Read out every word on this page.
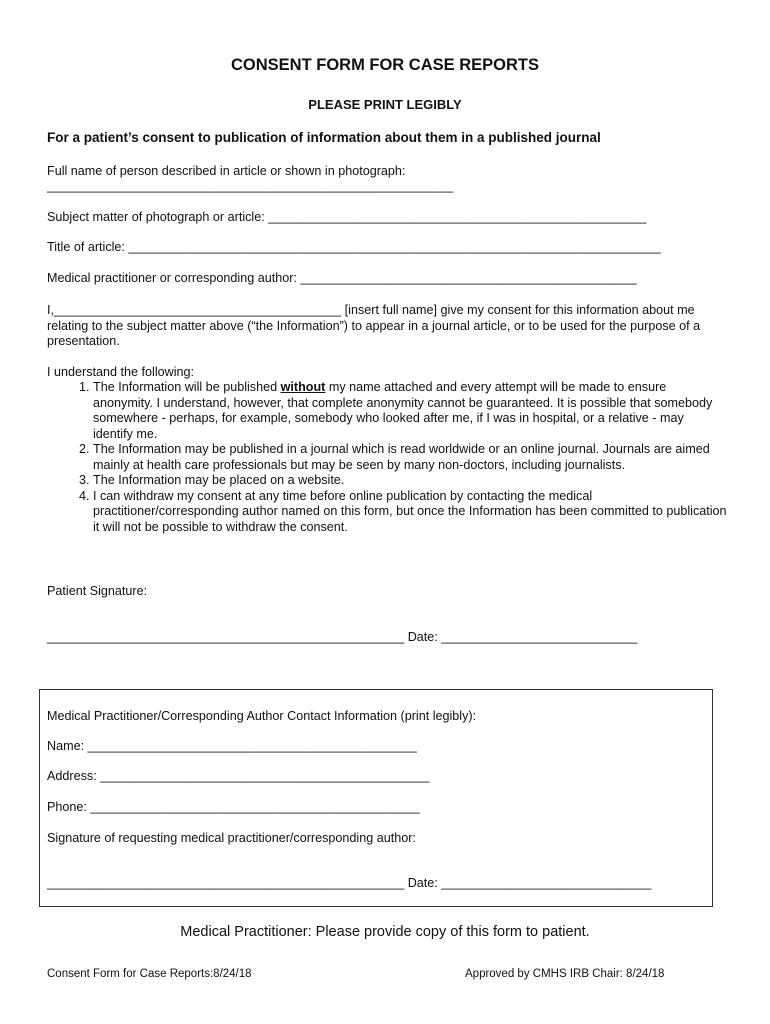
CONSENT FORM FOR CASE REPORTS
PLEASE PRINT LEGIBLY
For a patient’s consent to publication of information about them in a published journal
Full name of person described in article or shown in photograph:
__________________________________________________________
Subject matter of photograph or article: ______________________________________________________
Title of article: ____________________________________________________________________________
Medical practitioner or corresponding author: ________________________________________________
I,_________________________________________ [insert full name] give my consent for this information about me relating to the subject matter above (“the Information”) to appear in a journal article, or to be used for the purpose of a presentation.
I understand the following:
1. The Information will be published without my name attached and every attempt will be made to ensure anonymity. I understand, however, that complete anonymity cannot be guaranteed. It is possible that somebody somewhere - perhaps, for example, somebody who looked after me, if I was in hospital, or a relative - may identify me.
2. The Information may be published in a journal which is read worldwide or an online journal. Journals are aimed mainly at health care professionals but may be seen by many non-doctors, including journalists.
3. The Information may be placed on a website.
4. I can withdraw my consent at any time before online publication by contacting the medical practitioner/corresponding author named on this form, but once the Information has been committed to publication it will not be possible to withdraw the consent.
Patient Signature:
___________________________________________________ Date: ____________________________
Medical Practitioner/Corresponding Author Contact Information (print legibly):
Name: _______________________________________________
Address: _______________________________________________
Phone: _______________________________________________
Signature of requesting medical practitioner/corresponding author:
___________________________________________________ Date: ______________________________
Medical Practitioner: Please provide copy of this form to patient.
Consent Form for Case Reports:8/24/18	Approved by CMHS IRB Chair: 8/24/18
